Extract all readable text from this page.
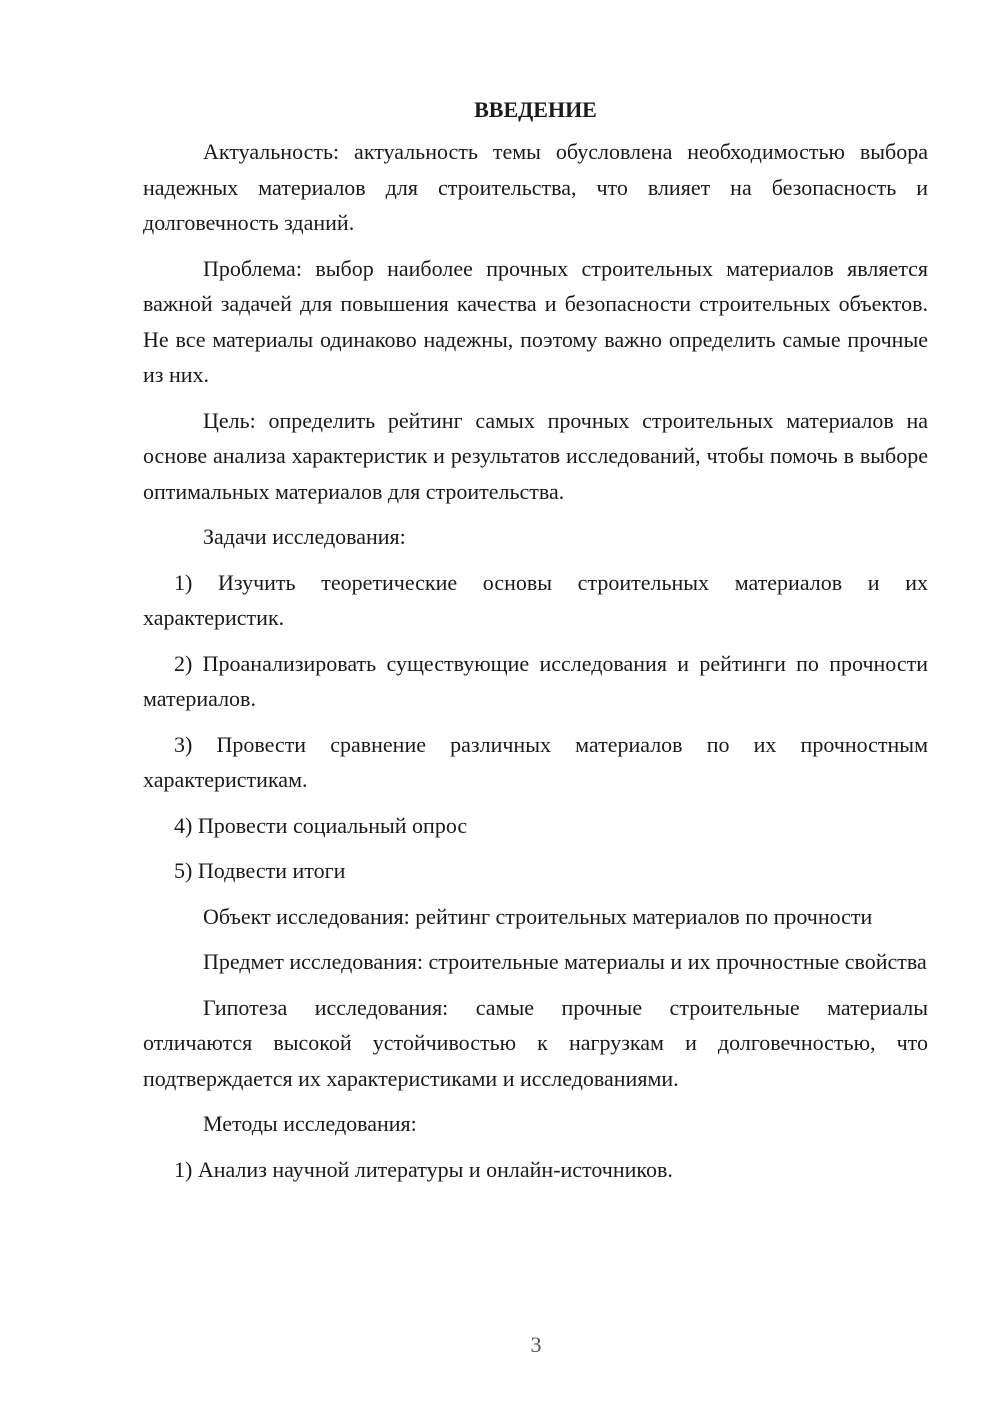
ВВЕДЕНИЕ

Актуальность: актуальность темы обусловлена необходимостью выбора надежных материалов для строительства, что влияет на безопасность и долговечность зданий.

Проблема: выбор наиболее прочных строительных материалов является важной задачей для повышения качества и безопасности строительных объектов. Не все материалы одинаково надежны, поэтому важно определить самые прочные из них.

Цель: определить рейтинг самых прочных строительных материалов на основе анализа характеристик и результатов исследований, чтобы помочь в выборе оптимальных материалов для строительства.

Задачи исследования:

1) Изучить теоретические основы строительных материалов и их характеристик.

2) Проанализировать существующие исследования и рейтинги по прочности материалов.

3) Провести сравнение различных материалов по их прочностным характеристикам.

4) Провести социальный опрос

5) Подвести итоги

Объект исследования: рейтинг строительных материалов по прочности

Предмет исследования: строительные материалы и их прочностные свойства

Гипотеза исследования: самые прочные строительные материалы отличаются высокой устойчивостью к нагрузкам и долговечностью, что подтверждается их характеристиками и исследованиями.

Методы исследования:

1) Анализ научной литературы и онлайн-источников.

3
